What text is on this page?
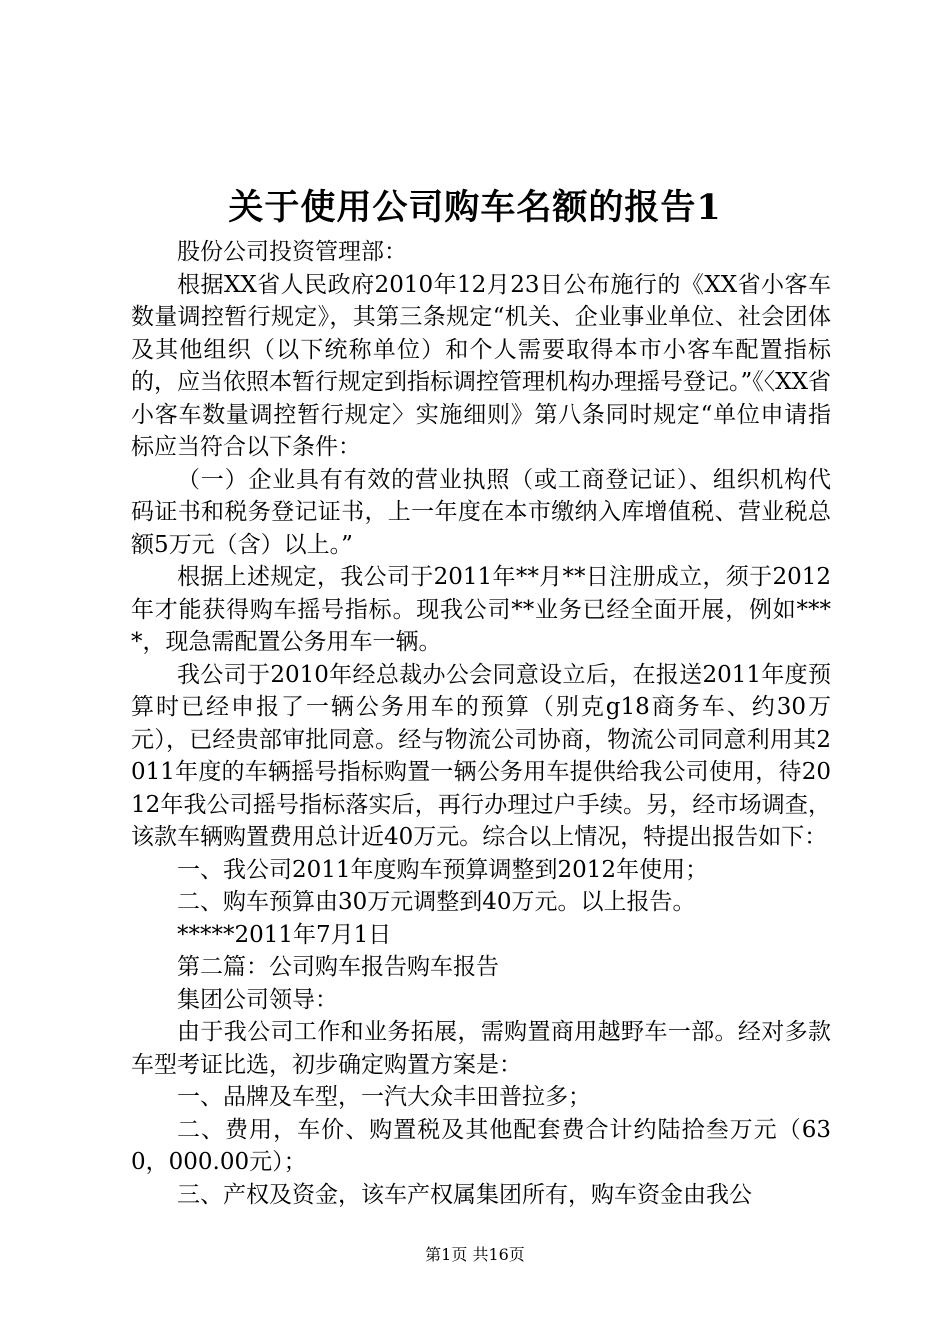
关于使用公司购车名额的报告1

股份公司投资管理部：

根据XX省人民政府2010年12月23日公布施行的《XX省小客车数量调控暂行规定》，其第三条规定“机关、企业事业单位、社会团体及其他组织（以下统称单位）和个人需要取得本市小客车配置指标的，应当依照本暂行规定到指标调控管理机构办理摇号登记。”《〈XX省小客车数量调控暂行规定〉实施细则》第八条同时规定“单位申请指标应当符合以下条件：

（一）企业具有有效的营业执照（或工商登记证）、组织机构代码证书和税务登记证书，上一年度在本市缴纳入库增值税、营业税总额5万元（含）以上。”

根据上述规定，我公司于2011年**月**日注册成立，须于2012年才能获得购车摇号指标。现我公司**业务已经全面开展，例如****，现急需配置公务用车一辆。

我公司于2010年经总裁办公会同意设立后，在报送2011年度预算时已经申报了一辆公务用车的预算（别克g18商务车、约30万元），已经贵部审批同意。经与物流公司协商，物流公司同意利用其2011年度的车辆摇号指标购置一辆公务用车提供给我公司使用，待2012年我公司摇号指标落实后，再行办理过户手续。另，经市场调查，该款车辆购置费用总计近40万元。综合以上情况，特提出报告如下：

一、我公司2011年度购车预算调整到2012年使用；

二、购车预算由30万元调整到40万元。以上报告。

*****2011年7月1日

第二篇：公司购车报告购车报告

集团公司领导：

由于我公司工作和业务拓展，需购置商用越野车一部。经对多款车型考证比选，初步确定购置方案是：

一、品牌及车型，一汽大众丰田普拉多；

二、费用，车价、购置税及其他配套费合计约陆拾叁万元（630，000.00元）；

三、产权及资金，该车产权属集团所有，购车资金由我公

第1页 共16页
